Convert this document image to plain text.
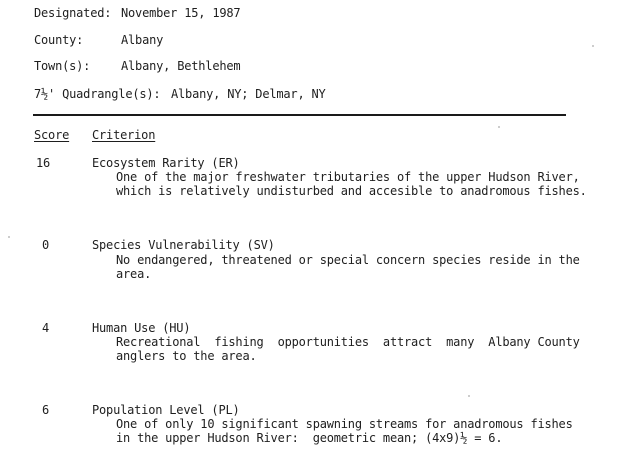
Designated: November 15, 1987
County:	Albany
Town(s):	Albany, Bethlehem
7½' Quadrangle(s): Albany, NY; Delmar, NY
Score Criterion
16	Ecosystem Rarity (ER)
One of the major freshwater tributaries of the upper Hudson River,
which is relatively undisturbed and accesible to anadromous fishes.
0	Species Vulnerability (SV)
No endangered, threatened or special concern species reside in the
area.
4	Human Use (HU)
Recreational  fishing  opportunities  attract  many  Albany County
anglers to the area.
6	Population Level (PL)
One of only 10 significant spawning streams for anadromous fishes
in the upper Hudson River:  geometric mean; (4x9)½ = 6.
